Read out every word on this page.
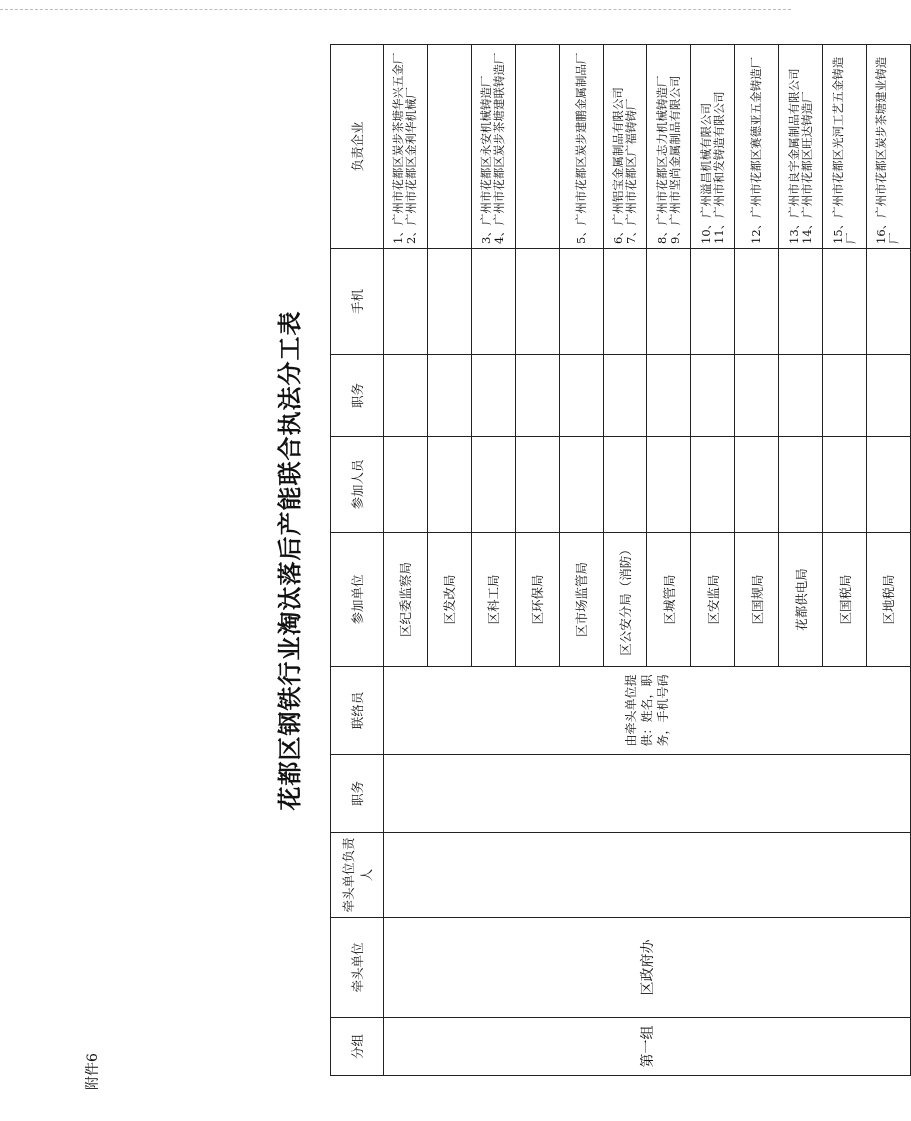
花都区钢铁行业淘汰落后产能联合执法分工表
分组	牵头单位	牵头单位负责人	职务	联络员	参加单位	参加人员	职务	手机	负责企业
第一组	区政府办			由牵头单位提供：姓名，职务，手机号码	区纪委监察局				1、广州市花都区炭步茶塘华兴五金厂2、广州市花都区金利华机械厂
					区发改局				
					区科工局				3、广州市花都区永安机械铸造厂
4、广州市花都区炭步茶塘建联铸造厂
					区环保局				
					区市场监管局				5、广州市花都区炭步建鹏金属制品厂
					区公安分局（消防）				6、广州铝宝金属制品有限公司
7、广州市花都区广福铸铸厂
					区城管局				8、广州市花都区志力机械铸造厂
9、广州市坚尚金属制品有限公司
					区安监局				10、广州溢昌机械有限公司
11、广州市和发铸造有限公司
					区国规局				12、广州市花都区赛德亚五金铸造厂
					花都供电局				13、广州市良宇金属制品有限公司
14、广州市花都区旺达铸造厂
					区国税局				15、广州市花都区光河工艺五金铸造厂
					区地税局				16、广州市花都区炭步茶塘建业铸造厂
附件6
